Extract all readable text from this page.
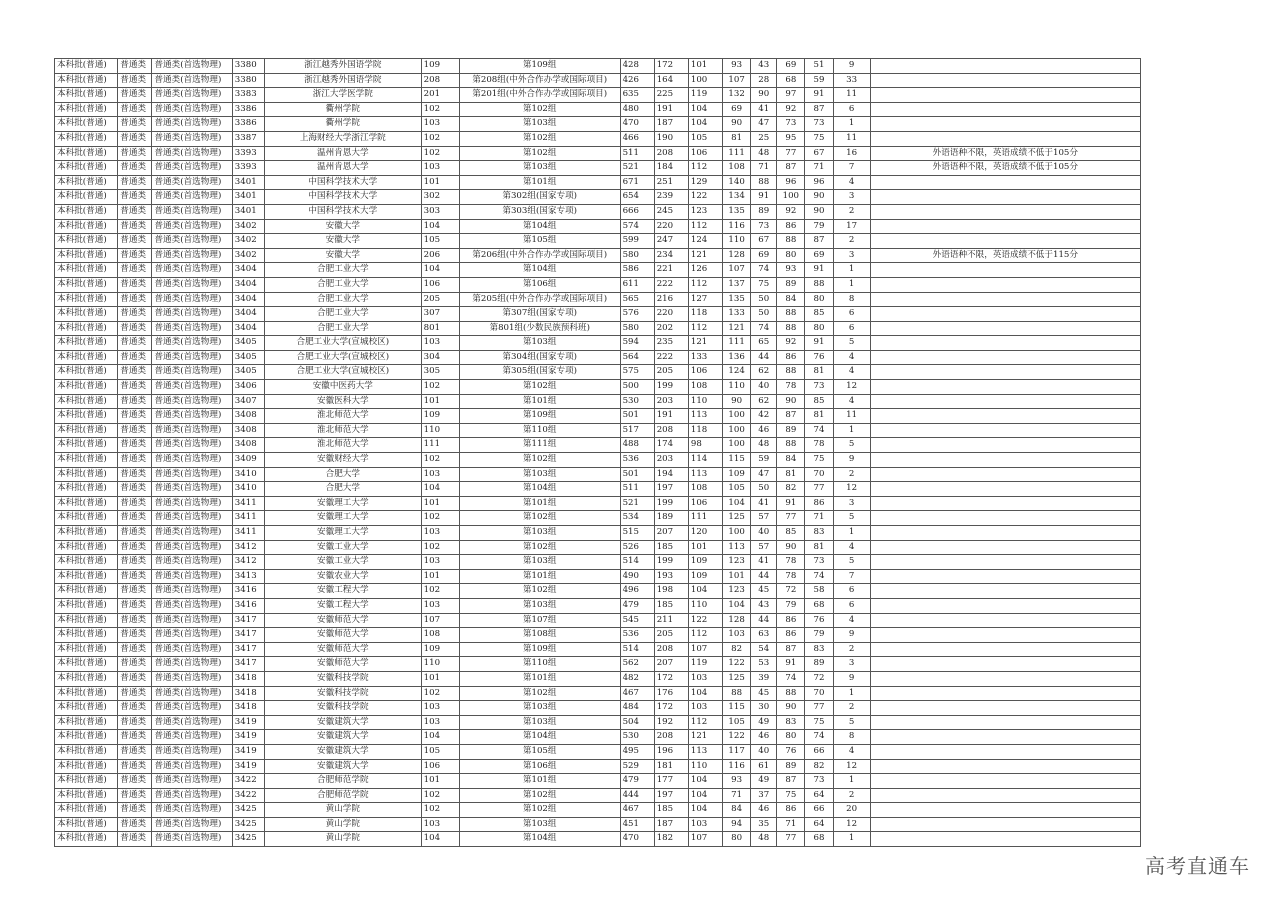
本科批(普通)	普通类	普通类(首选物理)	3380	浙江越秀外国语学院	109	第109组	428	172	101	93	43	69	51	9	
本科批(普通)	普通类	普通类(首选物理)	3380	浙江越秀外国语学院	208	第208组(中外合作办学或国际项目)	426	164	100	107	28	68	59	33	
本科批(普通)	普通类	普通类(首选物理)	3383	浙江大学医学院	201	第201组(中外合作办学或国际项目)	635	225	119	132	90	97	91	11	
本科批(普通)	普通类	普通类(首选物理)	3386	衢州学院	102	第102组	480	191	104	69	41	92	87	6	
本科批(普通)	普通类	普通类(首选物理)	3386	衢州学院	103	第103组	470	187	104	90	47	73	73	1	
本科批(普通)	普通类	普通类(首选物理)	3387	上海财经大学浙江学院	102	第102组	466	190	105	81	25	95	75	11	
本科批(普通)	普通类	普通类(首选物理)	3393	温州肯恩大学	102	第102组	511	208	106	111	48	77	67	16	外语语种不限，英语成绩不低于105分
本科批(普通)	普通类	普通类(首选物理)	3393	温州肯恩大学	103	第103组	521	184	112	108	71	87	71	7	外语语种不限，英语成绩不低于105分
本科批(普通)	普通类	普通类(首选物理)	3401	中国科学技术大学	101	第101组	671	251	129	140	88	96	96	4	
本科批(普通)	普通类	普通类(首选物理)	3401	中国科学技术大学	302	第302组(国家专项)	654	239	122	134	91	100	90	3	
本科批(普通)	普通类	普通类(首选物理)	3401	中国科学技术大学	303	第303组(国家专项)	666	245	123	135	89	92	90	2	
本科批(普通)	普通类	普通类(首选物理)	3402	安徽大学	104	第104组	574	220	112	116	73	86	79	17	
本科批(普通)	普通类	普通类(首选物理)	3402	安徽大学	105	第105组	599	247	124	110	67	88	87	2	
本科批(普通)	普通类	普通类(首选物理)	3402	安徽大学	206	第206组(中外合作办学或国际项目)	580	234	121	128	69	80	69	3	外语语种不限，英语成绩不低于115分
本科批(普通)	普通类	普通类(首选物理)	3404	合肥工业大学	104	第104组	586	221	126	107	74	93	91	1	
本科批(普通)	普通类	普通类(首选物理)	3404	合肥工业大学	106	第106组	611	222	112	137	75	89	88	1	
本科批(普通)	普通类	普通类(首选物理)	3404	合肥工业大学	205	第205组(中外合作办学或国际项目)	565	216	127	135	50	84	80	8	
本科批(普通)	普通类	普通类(首选物理)	3404	合肥工业大学	307	第307组(国家专项)	576	220	118	133	50	88	85	6	
本科批(普通)	普通类	普通类(首选物理)	3404	合肥工业大学	801	第801组(少数民族预科班)	580	202	112	121	74	88	80	6	
本科批(普通)	普通类	普通类(首选物理)	3405	合肥工业大学(宣城校区)	103	第103组	594	235	121	111	65	92	91	5	
本科批(普通)	普通类	普通类(首选物理)	3405	合肥工业大学(宣城校区)	304	第304组(国家专项)	564	222	133	136	44	86	76	4	
本科批(普通)	普通类	普通类(首选物理)	3405	合肥工业大学(宣城校区)	305	第305组(国家专项)	575	205	106	124	62	88	81	4	
本科批(普通)	普通类	普通类(首选物理)	3406	安徽中医药大学	102	第102组	500	199	108	110	40	78	73	12	
本科批(普通)	普通类	普通类(首选物理)	3407	安徽医科大学	101	第101组	530	203	110	90	62	90	85	4	
本科批(普通)	普通类	普通类(首选物理)	3408	淮北师范大学	109	第109组	501	191	113	100	42	87	81	11	
本科批(普通)	普通类	普通类(首选物理)	3408	淮北师范大学	110	第110组	517	208	118	100	46	89	74	1	
本科批(普通)	普通类	普通类(首选物理)	3408	淮北师范大学	111	第111组	488	174	98	100	48	88	78	5	
本科批(普通)	普通类	普通类(首选物理)	3409	安徽财经大学	102	第102组	536	203	114	115	59	84	75	9	
本科批(普通)	普通类	普通类(首选物理)	3410	合肥大学	103	第103组	501	194	113	109	47	81	70	2	
本科批(普通)	普通类	普通类(首选物理)	3410	合肥大学	104	第104组	511	197	108	105	50	82	77	12	
本科批(普通)	普通类	普通类(首选物理)	3411	安徽理工大学	101	第101组	521	199	106	104	41	91	86	3	
本科批(普通)	普通类	普通类(首选物理)	3411	安徽理工大学	102	第102组	534	189	111	125	57	77	71	5	
本科批(普通)	普通类	普通类(首选物理)	3411	安徽理工大学	103	第103组	515	207	120	100	40	85	83	1	
本科批(普通)	普通类	普通类(首选物理)	3412	安徽工业大学	102	第102组	526	185	101	113	57	90	81	4	
本科批(普通)	普通类	普通类(首选物理)	3412	安徽工业大学	103	第103组	514	199	109	123	41	78	73	5	
本科批(普通)	普通类	普通类(首选物理)	3413	安徽农业大学	101	第101组	490	193	109	101	44	78	74	7	
本科批(普通)	普通类	普通类(首选物理)	3416	安徽工程大学	102	第102组	496	198	104	123	45	72	58	6	
本科批(普通)	普通类	普通类(首选物理)	3416	安徽工程大学	103	第103组	479	185	110	104	43	79	68	6	
本科批(普通)	普通类	普通类(首选物理)	3417	安徽师范大学	107	第107组	545	211	122	128	44	86	76	4	
本科批(普通)	普通类	普通类(首选物理)	3417	安徽师范大学	108	第108组	536	205	112	103	63	86	79	9	
本科批(普通)	普通类	普通类(首选物理)	3417	安徽师范大学	109	第109组	514	208	107	82	54	87	83	2	
本科批(普通)	普通类	普通类(首选物理)	3417	安徽师范大学	110	第110组	562	207	119	122	53	91	89	3	
本科批(普通)	普通类	普通类(首选物理)	3418	安徽科技学院	101	第101组	482	172	103	125	39	74	72	9	
本科批(普通)	普通类	普通类(首选物理)	3418	安徽科技学院	102	第102组	467	176	104	88	45	88	70	1	
本科批(普通)	普通类	普通类(首选物理)	3418	安徽科技学院	103	第103组	484	172	103	115	30	90	77	2	
本科批(普通)	普通类	普通类(首选物理)	3419	安徽建筑大学	103	第103组	504	192	112	105	49	83	75	5	
本科批(普通)	普通类	普通类(首选物理)	3419	安徽建筑大学	104	第104组	530	208	121	122	46	80	74	8	
本科批(普通)	普通类	普通类(首选物理)	3419	安徽建筑大学	105	第105组	495	196	113	117	40	76	66	4	
本科批(普通)	普通类	普通类(首选物理)	3419	安徽建筑大学	106	第106组	529	181	110	116	61	89	82	12	
本科批(普通)	普通类	普通类(首选物理)	3422	合肥师范学院	101	第101组	479	177	104	93	49	87	73	1	
本科批(普通)	普通类	普通类(首选物理)	3422	合肥师范学院	102	第102组	444	197	104	71	37	75	64	2	
本科批(普通)	普通类	普通类(首选物理)	3425	黄山学院	102	第102组	467	185	104	84	46	86	66	20	
本科批(普通)	普通类	普通类(首选物理)	3425	黄山学院	103	第103组	451	187	103	94	35	71	64	12	
本科批(普通)	普通类	普通类(首选物理)	3425	黄山学院	104	第104组	470	182	107	80	48	77	68	1	
高考直通车
